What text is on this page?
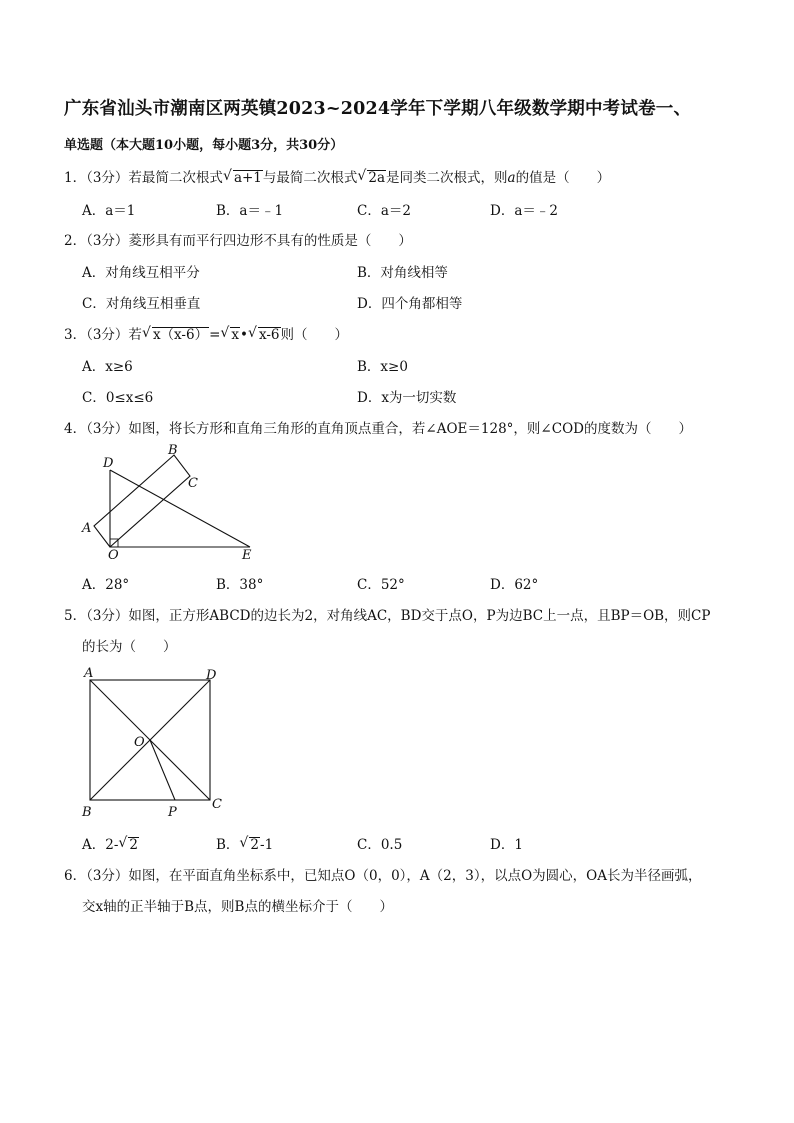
广东省汕头市潮南区两英镇2023~2024学年下学期八年级数学期中考试卷一、
单选题（本大题10小题，每小题3分，共30分）
1．（3分）若最简二次根式 √ a+1与最简二次根式 √ 2a是同类二次根式，则a的值是（　　）
A．a＝1	B．a＝﹣1	C．a＝2	D．a＝﹣2
2．（3分）菱形具有而平行四边形不具有的性质是（　　）
A．对角线互相平分	B．对角线相等
C．对角线互相垂直	D．四个角都相等
3．（3分）若 √ x（x-6）= √ x• √ x-6则（　　）
A．x≥6	B．x≥0
C．0≤x≤6	D．x为一切实数
4．（3分）如图，将长方形和直角三角形的直角顶点重合，若∠AOE＝128°，则∠COD的度数为（　　）
D
B
C
A
O	E
A．28°	B．38°	C．52°	D．62°
5．（3分）如图，正方形ABCD的边长为2，对角线AC，BD交于点O，P为边BC上一点，且BP＝OB，则CP
的长为（　　）
A	D
O
B	P
C
A．2- √ 2	B． √ 2-1	C．0.5	D．1
6．（3分）如图，在平面直角坐标系中，已知点O（0，0），A（2，3），以点O为圆心，OA长为半径画弧，
交x轴的正半轴于B点，则B点的横坐标介于（　　）
